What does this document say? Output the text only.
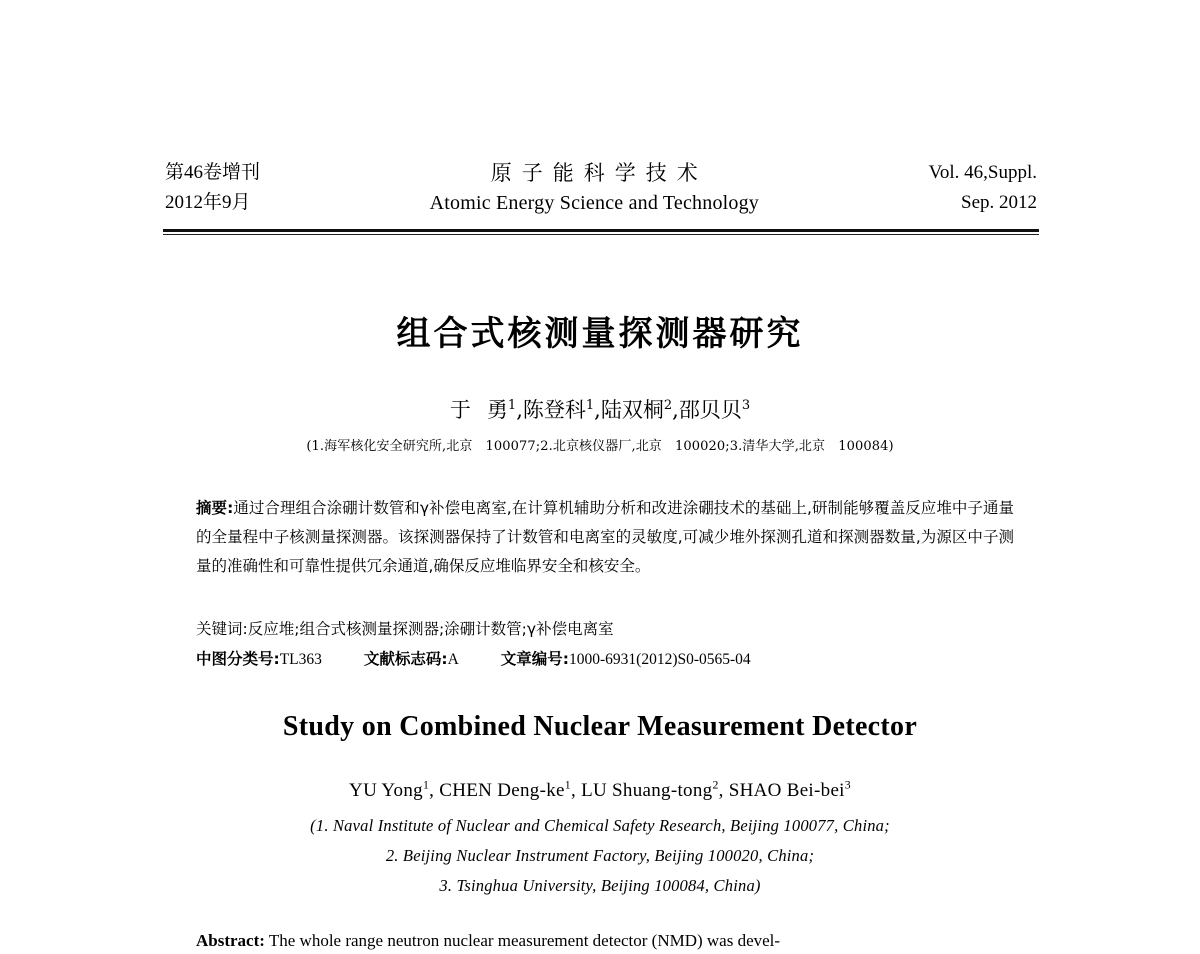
第46卷增刊
2012年9月
原子能科学技术
Atomic Energy Science and Technology
Vol. 46,Suppl.
Sep. 2012
组合式核测量探测器研究
于 勇$^1$,陈登科$^1$,陆双桐$^2$,邵贝贝$^3$
(1.海军核化安全研究所,北京　100077;2.北京核仪器厂,北京　100020;3.清华大学,北京　100084)
摘要:通过合理组合涂硼计数管和γ补偿电离室,在计算机辅助分析和改进涂硼技术的基础上,研制能够覆盖反应堆中子通量的全量程中子核测量探测器。该探测器保持了计数管和电离室的灵敏度,可减少堆外探测孔道和探测器数量,为源区中子测量的准确性和可靠性提供冗余通道,确保反应堆临界安全和核安全。
关键词:反应堆;组合式核测量探测器;涂硼计数管;γ补偿电离室
中图分类号:TL363	文献标志码:A	文章编号:1000-6931(2012)S0-0565-04
Study on Combined Nuclear Measurement Detector
YU Yong$^1$, CHEN Deng-$ke^1$, LU Shuang-tong$^2$, SHAO Bei-bei$^3$
(1. Naval Institute of Nuclear and Chemical Safety Research, Beijing 100077, China;
2. Beijing Nuclear Instrument Factory, Beijing 100020, China;
3. Tsinghua University, Beijing 100084, China)
Abstract: The whole range neutron nuclear measurement detector (NMD) was devel-
